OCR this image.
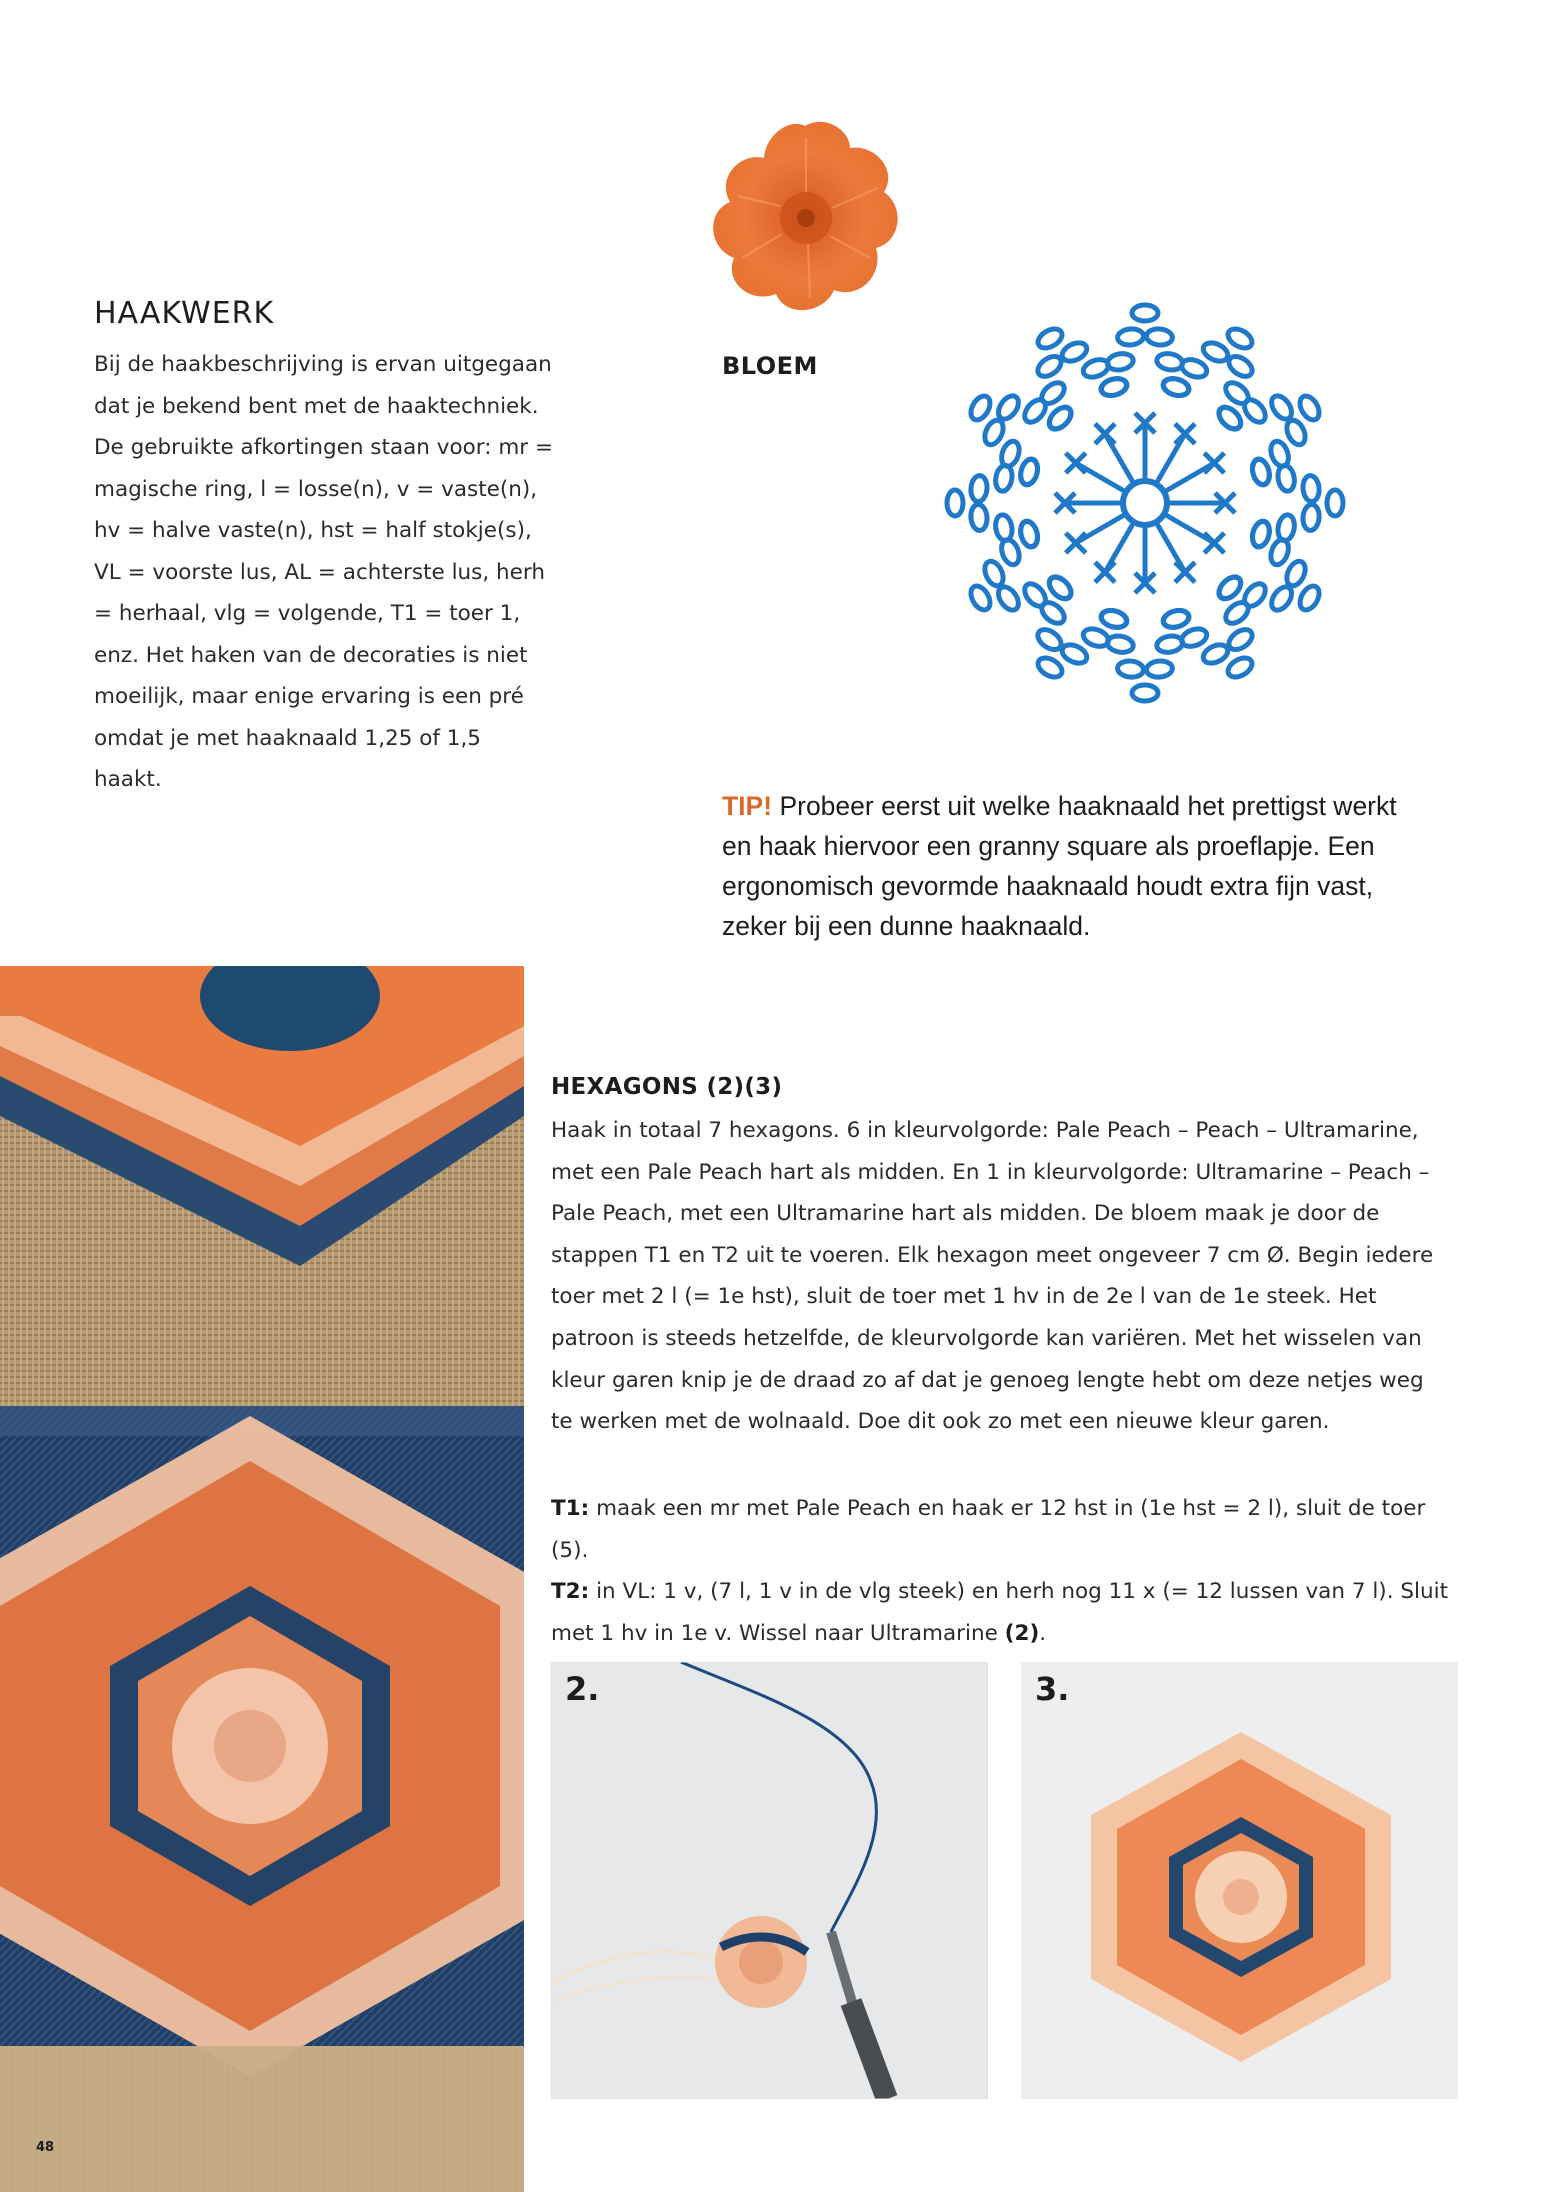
HAAKWERK
Bij de haakbeschrijving is ervan uitgegaan dat je bekend bent met de haaktechniek. De gebruikte afkortingen staan voor: mr = magische ring, l = losse(n), v = vaste(n), hv = halve vaste(n), hst = half stokje(s), VL = voorste lus, AL = achterste lus, herh = herhaal, vlg = volgende, T1 = toer 1, enz. Het haken van de decoraties is niet moeilijk, maar enige ervaring is een pré omdat je met haaknaald 1,25 of 1,5 haakt.
BLOEM
TIP! Probeer eerst uit welke haaknaald het prettigst werkt en haak hiervoor een granny square als proeflapje. Een ergonomisch gevormde haaknaald houdt extra fijn vast, zeker bij een dunne haaknaald.
48
HEXAGONS (2)(3)
Haak in totaal 7 hexagons. 6 in kleurvolgorde: Pale Peach – Peach – Ultramarine, met een Pale Peach hart als midden. En 1 in kleurvolgorde: Ultramarine – Peach – Pale Peach, met een Ultramarine hart als midden. De bloem maak je door de stappen T1 en T2 uit te voeren. Elk hexagon meet ongeveer 7 cm Ø. Begin iedere toer met 2 l (= 1e hst), sluit de toer met 1 hv in de 2e l van de 1e steek. Het patroon is steeds hetzelfde, de kleurvolgorde kan variëren. Met het wisselen van kleur garen knip je de draad zo af dat je genoeg lengte hebt om deze netjes weg te werken met de wolnaald. Doe dit ook zo met een nieuwe kleur garen.
T1: maak een mr met Pale Peach en haak er 12 hst in (1e hst = 2 l), sluit de toer (5).
T2: in VL: 1 v, (7 l, 1 v in de vlg steek) en herh nog 11 x (= 12 lussen van 7 l). Sluit met 1 hv in 1e v. Wissel naar Ultramarine (2).
2.	3.
